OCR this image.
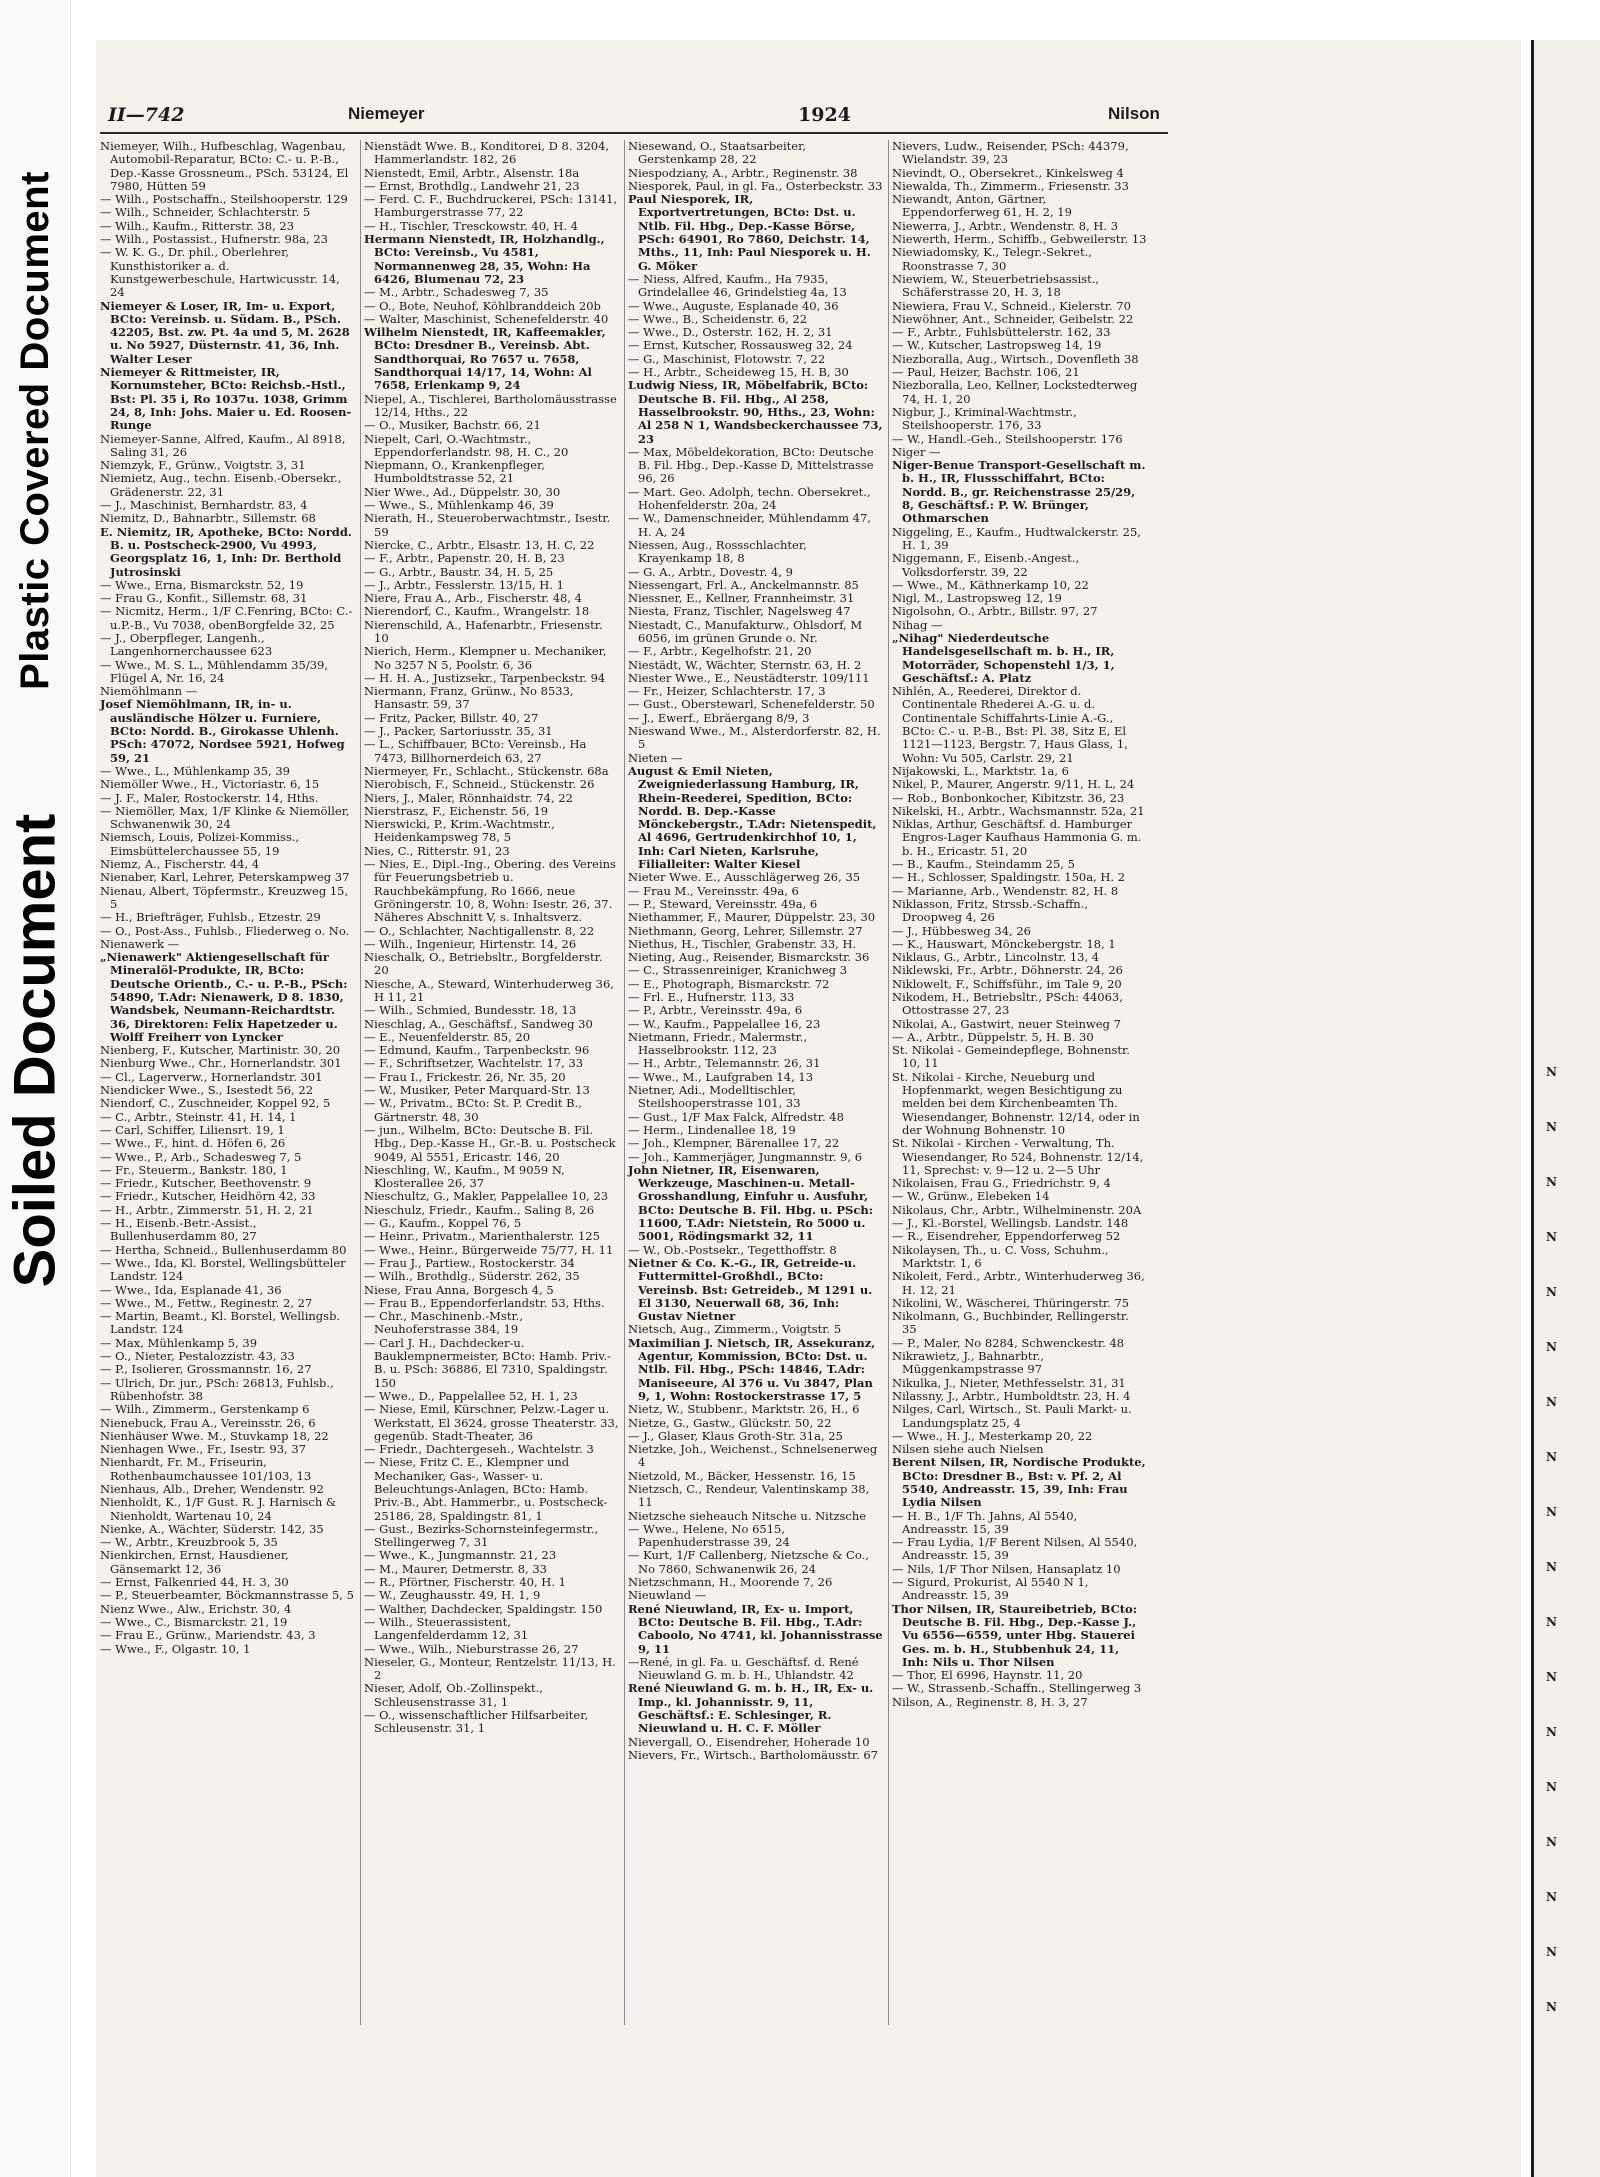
Plastic Covered Document
Soiled Document	N
N
N
N
N
N
N
N
N
N
N
N
N
N
N
N
N
N
II—742	Niemeyer	1924	Nilson
Niemeyer, Wilh., Hufbeschlag, Wagenbau, Automobil-Reparatur, BCto: C.- u. P.-B., Dep.-Kasse Grossneum., PSch. 53124, El 7980, Hütten 59
— Wilh., Postschaffn., Steilshooperstr. 129
— Wilh., Schneider, Schlachterstr. 5
— Wilh., Kaufm., Ritterstr. 38, 23
— Wilh., Postassist., Hufnerstr. 98a, 23
— W. K. G., Dr. phil., Oberlehrer, Kunsthistoriker a. d. Kunstgewerbeschule, Hartwicusstr. 14, 24
Niemeyer & Loser, IR, Im- u. Export, BCto: Vereinsb. u. Südam. B., PSch. 42205, Bst. zw. Pt. 4a und 5, M. 2628 u. No 5927, Düsternstr. 41, 36, Inh. Walter Leser
Niemeyer & Rittmeister, IR, Kornumsteher, BCto: Reichsb.-Hstl., Bst: Pl. 35 i, Ro 1037u. 1038, Grimm 24, 8, Inh: Johs. Maier u. Ed. Roosen-Runge
Niemeyer-Sanne, Alfred, Kaufm., Al 8918, Saling 31, 26
Niemzyk, F., Grünw., Voigtstr. 3, 31
Niemietz, Aug., techn. Eisenb.-Obersekr., Grädenerstr. 22, 31
— J., Maschinist, Bernhardstr. 83, 4
Niemitz, D., Bahnarbtr., Sillemstr. 68
E. Niemitz, IR, Apotheke, BCto: Nordd. B. u. Postscheck-2900, Vu 4993, Georgsplatz 16, 1, Inh: Dr. Berthold Jutrosinski
— Wwe., Erna, Bismarckstr. 52, 19
— Frau G., Konfit., Sillemstr. 68, 31
— Nicmitz, Herm., 1/F C.Fenring, BCto: C.-u.P.-B., Vu 7038, obenBorgfelde 32, 25
— J., Oberpfleger, Langenh., Langenhornerchaussee 623
— Wwe., M. S. L., Mühlendamm 35/39, Flügel A, Nr. 16, 24
Niemöhlmann —
Josef Niemöhlmann, IR, in- u. ausländische Hölzer u. Furniere, BCto: Nordd. B., Girokasse Uhlenh. PSch: 47072, Nordsee 5921, Hofweg 59, 21
— Wwe., L., Mühlenkamp 35, 39
Niemöller Wwe., H., Victoriastr. 6, 15
— J. F., Maler, Rostockerstr. 14, Hths.
— Niemöller, Max, 1/F Klinke & Niemöller, Schwanenwik 30, 24
Niemsch, Louis, Polizei-Kommiss., Eimsbüttelerchaussee 55, 19
Niemz, A., Fischerstr. 44, 4
Nienaber, Karl, Lehrer, Peterskampweg 37
Nienau, Albert, Töpfermstr., Kreuzweg 15, 5
— H., Briefträger, Fuhlsb., Etzestr. 29
— O., Post-Ass., Fuhlsb., Fliederweg o. No.
Nienawerk —
„Nienawerk" Aktiengesellschaft für Mineralöl-Produkte, IR, BCto: Deutsche Orientb., C.- u. P.-B., PSch: 54890, T.Adr: Nienawerk, D 8. 1830, Wandsbek, Neumann-Reichardtstr. 36, Direktoren: Felix Hapetzeder u. Wolff Freiherr von Lyncker
Nienberg, F., Kutscher, Martinistr. 30, 20
Nienburg Wwe., Chr., Hornerlandstr. 301
— Cl., Lagerverw., Hornerlandstr. 301
Niendicker Wwe., S., Isestedt 56, 22
Niendorf, C., Zuschneider, Koppel 92, 5
— C., Arbtr., Steinstr. 41, H. 14, 1
— Carl, Schiffer, Liliensrt. 19, 1
— Wwe., F., hint. d. Höfen 6, 26
— Wwe., P., Arb., Schadesweg 7, 5
— Fr., Steuerm., Bankstr. 180, 1
— Friedr., Kutscher, Beethovenstr. 9
— Friedr., Kutscher, Heidhörn 42, 33
— H., Arbtr., Zimmerstr. 51, H. 2, 21
— H., Eisenb.-Betr.-Assist., Bullenhuserdamm 80, 27
— Hertha, Schneid., Bullenhuserdamm 80
— Wwe., Ida, Kl. Borstel, Wellingsbütteler Landstr. 124
— Wwe., Ida, Esplanade 41, 36
— Wwe., M., Fettw., Reginestr. 2, 27
— Martin, Beamt., Kl. Borstel, Wellingsb. Landstr. 124
— Max, Mühlenkamp 5, 39
— O., Nieter, Pestalozzistr. 43, 33
— P., Isolierer, Grossmannstr. 16, 27
— Ulrich, Dr. jur., PSch: 26813, Fuhlsb., Rübenhofstr. 38
— Wilh., Zimmerm., Gerstenkamp 6
Nienebuck, Frau A., Vereinsstr. 26, 6
Nienhäuser Wwe. M., Stuvkamp 18, 22
Nienhagen Wwe., Fr., Isestr. 93, 37
Nienhardt, Fr. M., Friseurin, Rothenbaumchaussee 101/103, 13
Nienhaus, Alb., Dreher, Wendenstr. 92
Nienholdt, K., 1/F Gust. R. J. Harnisch & Nienholdt, Wartenau 10, 24
Nienke, A., Wächter, Süderstr. 142, 35
— W., Arbtr., Kreuzbrook 5, 35
Nienkirchen, Ernst, Hausdiener, Gänsemarkt 12, 36
— Ernst, Falkenried 44, H. 3, 30
— P., Steuerbeamter, Böckmannstrasse 5, 5
Nienz Wwe., Alw., Erichstr. 30, 4
— Wwe., C., Bismarckstr. 21, 19
— Frau E., Grünw., Mariendstr. 43, 3
— Wwe., F., Olgastr. 10, 1
Nienstädt Wwe. B., Konditorei, D 8. 3204, Hammerlandstr. 182, 26
Nienstedt, Emil, Arbtr., Alsenstr. 18a
— Ernst, Brothdlg., Landwehr 21, 23
— Ferd. C. F., Buchdruckerei, PSch: 13141, Hamburgerstrasse 77, 22
— H., Tischler, Tresckowstr. 40, H. 4
Hermann Nienstedt, IR, Holzhandlg., BCto: Vereinsb., Vu 4581, Normannenweg 28, 35, Wohn: Ha 6426, Blumenau 72, 23
— M., Arbtr., Schadesweg 7, 35
— O., Bote, Neuhof, Köhlbranddeich 20b
— Walter, Maschinist, Schenefelderstr. 40
Wilhelm Nienstedt, IR, Kaffeemakler, BCto: Dresdner B., Vereinsb. Abt. Sandthorquai, Ro 7657 u. 7658, Sandthorquai 14/17, 14, Wohn: Al 7658, Erlenkamp 9, 24
Niepel, A., Tischlerei, Bartholomäusstrasse 12/14, Hths., 22
— O., Musiker, Bachstr. 66, 21
Niepelt, Carl, O.-Wachtmstr., Eppendorferlandstr. 98, H. C., 20
Niepmann, O., Krankenpfleger, Humboldtstrasse 52, 21
Nier Wwe., Ad., Düppelstr. 30, 30
— Wwe., S., Mühlenkamp 46, 39
Nierath, H., Steueroberwachtmstr., Isestr. 59
Niercke, C., Arbtr., Elsastr. 13, H. C, 22
— F., Arbtr., Papenstr. 20, H. B, 23
— G., Arbtr., Baustr. 34, H. 5, 25
— J., Arbtr., Fesslerstr. 13/15, H. 1
Niere, Frau A., Arb., Fischerstr. 48, 4
Nierendorf, C., Kaufm., Wrangelstr. 18
Nierenschild, A., Hafenarbtr., Friesenstr. 10
Nierich, Herm., Klempner u. Mechaniker, No 3257 N 5, Poolstr. 6, 36
— H. H. A., Justizsekr., Tarpenbeckstr. 94
Niermann, Franz, Grünw., No 8533, Hansastr. 59, 37
— Fritz, Packer, Billstr. 40, 27
— J., Packer, Sartoriusstr. 35, 31
— L., Schiffbauer, BCto: Vereinsb., Ha 7473, Billhornerdeich 63, 27
Niermeyer, Fr., Schlacht., Stückenstr. 68a
Nierobisch, F., Schneid., Stückenstr. 26
Niers, J., Maler, Rönnhaidstr. 74, 22
Nierstrasz, F., Eichenstr. 56, 19
Nierswicki, P., Krim.-Wachtmstr., Heidenkampsweg 78, 5
Nies, C., Ritterstr. 91, 23
— Nies, E., Dipl.-Ing., Obering. des Vereins für Feuerungsbetrieb u. Rauchbekämpfung, Ro 1666, neue Gröningerstr. 10, 8, Wohn: Isestr. 26, 37. Näheres Abschnitt V, s. Inhaltsverz.
— O., Schlachter, Nachtigallenstr. 8, 22
— Wilh., Ingenieur, Hirtenstr. 14, 26
Nieschalk, O., Betriebsltr., Borgfelderstr. 20
Niesche, A., Steward, Winterhuderweg 36, H 11, 21
— Wilh., Schmied, Bundesstr. 18, 13
Nieschlag, A., Geschäftsf., Sandweg 30
— E., Neuenfelderstr. 85, 20
— Edmund, Kaufm., Tarpenbeckstr. 96
— F., Schriftsetzer, Wachtelstr. 17, 33
— Frau I., Frickestr. 26, Nr. 35, 20
— W., Musiker, Peter Marquard-Str. 13
— W., Privatm., BCto: St. P. Credit B., Gärtnerstr. 48, 30
— jun., Wilhelm, BCto: Deutsche B. Fil. Hbg., Dep.-Kasse H., Gr.-B. u. Postscheck 9049, Al 5551, Ericastr. 146, 20
Nieschling, W., Kaufm., M 9059 N, Klosterallee 26, 37
Nieschultz, G., Makler, Pappelallee 10, 23
Nieschulz, Friedr., Kaufm., Saling 8, 26
— G., Kaufm., Koppel 76, 5
— Heinr., Privatm., Marienthalerstr. 125
— Wwe., Heinr., Bürgerweide 75/77, H. 11
— Frau J., Partiew., Rostockerstr. 34
— Wilh., Brothdlg., Süderstr. 262, 35
Niese, Frau Anna, Borgesch 4, 5
— Frau B., Eppendorferlandstr. 53, Hths.
— Chr., Maschinenb.-Mstr., Neuhoferstrasse 384, 19
— Carl J. H., Dachdecker-u. Bauklempnermeister, BCto: Hamb. Priv.-B. u. PSch: 36886, El 7310, Spaldingstr. 150
— Wwe., D., Pappelallee 52, H. 1, 23
— Niese, Emil, Kürschner, Pelzw.-Lager u. Werkstatt, El 3624, grosse Theaterstr. 33, gegenüb. Stadt-Theater, 36
— Friedr., Dachtergeseh., Wachtelstr. 3
— Niese, Fritz C. E., Klempner und Mechaniker, Gas-, Wasser- u. Beleuchtungs-Anlagen, BCto: Hamb. Priv.-B., Abt. Hammerbr., u. Postscheck- 25186, 28, Spaldingstr. 81, 1
— Gust., Bezirks-Schornsteinfegermstr., Stellingerweg 7, 31
— Wwe., K., Jungmannstr. 21, 23
— M., Maurer, Detmerstr. 8, 33
— R., Pförtner, Fischerstr. 40, H. 1
— W., Zeughausstr. 49, H. 1, 9
— Walther, Dachdecker, Spaldingstr. 150
— Wilh., Steuerassistent, Langenfelderdamm 12, 31
— Wwe., Wilh., Nieburstrasse 26, 27
Nieseler, G., Monteur, Rentzelstr. 11/13, H. 2
Nieser, Adolf, Ob.-Zollinspekt., Schleusenstrasse 31, 1
— O., wissenschaftlicher Hilfsarbeiter, Schleusenstr. 31, 1
Niesewand, O., Staatsarbeiter, Gerstenkamp 28, 22
Niespodziany, A., Arbtr., Reginenstr. 38
Niesporek, Paul, in gl. Fa., Osterbeckstr. 33
Paul Niesporek, IR, Exportvertretungen, BCto: Dst. u. Ntlb. Fil. Hbg., Dep.-Kasse Börse, PSch: 64901, Ro 7860, Deichstr. 14, Mths., 11, Inh: Paul Niesporek u. H. G. Möker
— Niess, Alfred, Kaufm., Ha 7935, Grindelallee 46, Grindelstieg 4a, 13
— Wwe., Auguste, Esplanade 40, 36
— Wwe., B., Scheidenstr. 6, 22
— Wwe., D., Osterstr. 162, H. 2, 31
— Ernst, Kutscher, Rossausweg 32, 24
— G., Maschinist, Flotowstr. 7, 22
— H., Arbtr., Scheideweg 15, H. B, 30
Ludwig Niess, IR, Möbelfabrik, BCto: Deutsche B. Fil. Hbg., Al 258, Hasselbrookstr. 90, Hths., 23, Wohn: Al 258 N 1, Wandsbeckerchaussee 73, 23
— Max, Möbeldekoration, BCto: Deutsche B. Fil. Hbg., Dep.-Kasse D, Mittelstrasse 96, 26
— Mart. Geo. Adolph, techn. Obersekret., Hohenfelderstr. 20a, 24
— W., Damenschneider, Mühlendamm 47, H. A, 24
Niessen, Aug., Rossschlachter, Krayenkamp 18, 8
— G. A., Arbtr., Dovestr. 4, 9
Niessengart, Frl. A., Anckelmannstr. 85
Niessner, E., Kellner, Frannheimstr. 31
Niesta, Franz, Tischler, Nagelsweg 47
Niestadt, C., Manufakturw., Ohlsdorf, M 6056, im grünen Grunde o. Nr.
— F., Arbtr., Kegelhofstr. 21, 20
Niestädt, W., Wächter, Sternstr. 63, H. 2
Niester Wwe., E., Neustädterstr. 109/111
— Fr., Heizer, Schlachterstr. 17, 3
— Gust., Oberstewarl, Schenefelderstr. 50
— J., Ewerf., Ebräergang 8/9, 3
Nieswand Wwe., M., Alsterdorferstr. 82, H. 5
Nieten —
August & Emil Nieten, Zweigniederlassung Hamburg, IR, Rhein-Reederei, Spedition, BCto: Nordd. B. Dep.-Kasse Mönckebergstr., T.Adr: Nietenspedit, Al 4696, Gertrudenkirchhof 10, 1, Inh: Carl Nieten, Karlsruhe, Filialleiter: Walter Kiesel
Nieter Wwe. E., Ausschlägerweg 26, 35
— Frau M., Vereinsstr. 49a, 6
— P., Steward, Vereinsstr. 49a, 6
Niethammer, F., Maurer, Düppelstr. 23, 30
Niethmann, Georg, Lehrer, Sillemstr. 27
Niethus, H., Tischler, Grabenstr. 33, H.
Nieting, Aug., Reisender, Bismarckstr. 36
— C., Strassenreiniger, Kranichweg 3
— E., Photograph, Bismarckstr. 72
— Frl. E., Hufnerstr. 113, 33
— P., Arbtr., Vereinsstr. 49a, 6
— W., Kaufm., Pappelallee 16, 23
Nietmann, Friedr., Malermstr., Hasselbrookstr. 112, 23
— H., Arbtr., Telemannstr. 26, 31
— Wwe., M., Laufgraben 14, 13
Nietner, Adi., Modelltischler, Steilshooperstrasse 101, 33
— Gust., 1/F Max Falck, Alfredstr. 48
— Herm., Lindenallee 18, 19
— Joh., Klempner, Bärenallee 17, 22
— Joh., Kammerjäger, Jungmannstr. 9, 6
John Nietner, IR, Eisenwaren, Werkzeuge, Maschinen-u. Metall-Grosshandlung, Einfuhr u. Ausfuhr, BCto: Deutsche B. Fil. Hbg. u. PSch: 11600, T.Adr: Nietstein, Ro 5000 u. 5001, Rödingsmarkt 32, 11
— W., Ob.-Postsekr., Tegetthoffstr. 8
Nietner & Co. K.-G., IR, Getreide-u. Futtermittel-Großhdl., BCto: Vereinsb. Bst: Getreideb., M 1291 u. El 3130, Neuerwall 68, 36, Inh: Gustav Nietner
Nietsch, Aug., Zimmerm., Voigtstr. 5
Maximilian J. Nietsch, IR, Assekuranz, Agentur, Kommission, BCto: Dst. u. Ntlb. Fil. Hbg., PSch: 14846, T.Adr: Maniseeure, Al 376 u. Vu 3847, Plan 9, 1, Wohn: Rostockerstrasse 17, 5
Nietz, W., Stubbenr., Marktstr. 26, H., 6
Nietze, G., Gastw., Glückstr. 50, 22
— J., Glaser, Klaus Groth-Str. 31a, 25
Nietzke, Joh., Weichenst., Schnelsenerweg 4
Nietzold, M., Bäcker, Hessenstr. 16, 15
Nietzsch, C., Rendeur, Valentinskamp 38, 11
Nietzsche sieheauch Nitsche u. Nitzsche
— Wwe., Helene, No 6515, Papenhuderstrasse 39, 24
— Kurt, 1/F Callenberg, Nietzsche & Co., No 7860, Schwanenwik 26, 24
Nietzschmann, H., Moorende 7, 26
Nieuwland —
René Nieuwland, IR, Ex- u. Import, BCto: Deutsche B. Fil. Hbg., T.Adr: Caboolo, No 4741, kl. Johannisstrasse 9, 11
—René, in gl. Fa. u. Geschäftsf. d. René Nieuwland G. m. b. H., Uhlandstr. 42
René Nieuwland G. m. b. H., IR, Ex- u. Imp., kl. Johannisstr. 9, 11, Geschäftsf.: E. Schlesinger, R. Nieuwland u. H. C. F. Möller
Nievergall, O., Eisendreher, Hoherade 10
Nievers, Fr., Wirtsch., Bartholomäusstr. 67
Nievers, Ludw., Reisender, PSch: 44379, Wielandstr. 39, 23
Nievindt, O., Obersekret., Kinkelsweg 4
Niewalda, Th., Zimmerm., Friesenstr. 33
Niewandt, Anton, Gärtner, Eppendorferweg 61, H. 2, 19
Niewerra, J., Arbtr., Wendenstr. 8, H. 3
Niewerth, Herm., Schiffb., Gebweilerstr. 13
Niewiadomsky, K., Telegr.-Sekret., Roonstrasse 7, 30
Niewiem, W., Steuerbetriebsassist., Schäferstrasse 20, H. 3, 18
Niewiera, Frau V., Schneid., Kielerstr. 70
Niewöhner, Ant., Schneider, Geibelstr. 22
— F., Arbtr., Fuhlsbüttelerstr. 162, 33
— W., Kutscher, Lastropsweg 14, 19
Niezboralla, Aug., Wirtsch., Dovenfleth 38
— Paul, Heizer, Bachstr. 106, 21
Niezboralla, Leo, Kellner, Lockstedterweg 74, H. 1, 20
Nigbur, J., Kriminal-Wachtmstr., Steilshooperstr. 176, 33
— W., Handl.-Geh., Steilshooperstr. 176
Niger —
Niger-Benue Transport-Gesellschaft m. b. H., IR, Flussschiffahrt, BCto: Nordd. B., gr. Reichenstrasse 25/29, 8, Geschäftsf.: P. W. Brünger, Othmarschen
Niggeling, E., Kaufm., Hudtwalckerstr. 25, H. 1, 39
Niggemann, F., Eisenb.-Angest., Volksdorferstr. 39, 22
— Wwe., M., Käthnerkamp 10, 22
Nigl, M., Lastropsweg 12, 19
Nigolsohn, O., Arbtr., Billstr. 97, 27
Nihag —
„Nihag" Niederdeutsche Handelsgesellschaft m. b. H., IR, Motorräder, Schopenstehl 1/3, 1, Geschäftsf.: A. Platz
Nihlén, A., Reederei, Direktor d. Continentale Rhederei A.-G. u. d. Continentale Schiffahrts-Linie A.-G., BCto: C.- u. P.-B., Bst: Pl. 38, Sitz E, El 1121—1123, Bergstr. 7, Haus Glass, 1, Wohn: Vu 505, Carlstr. 29, 21
Nijakowski, L., Marktstr. 1a, 6
Nikel, P., Maurer, Angerstr. 9/11, H. L, 24
— Rob., Bonbonkocher, Kibitzstr. 36, 23
Nikelski, H., Arbtr., Wachsmannstr. 52a, 21
Niklas, Arthur, Geschäftsf. d. Hamburger Engros-Lager Kaufhaus Hammonia G. m. b. H., Ericastr. 51, 20
— B., Kaufm., Steindamm 25, 5
— H., Schlosser, Spaldingstr. 150a, H. 2
— Marianne, Arb., Wendenstr. 82, H. 8
Niklasson, Fritz, Strssb.-Schaffn., Droopweg 4, 26
— J., Hübbesweg 34, 26
— K., Hauswart, Mönckebergstr. 18, 1
Niklaus, G., Arbtr., Lincolnstr. 13, 4
Niklewski, Fr., Arbtr., Döhnerstr. 24, 26
Niklowelt, F., Schiffsführ., im Tale 9, 20
Nikodem, H., Betriebsltr., PSch: 44063, Ottostrasse 27, 23
Nikolai, A., Gastwirt, neuer Steinweg 7
— A., Arbtr., Düppelstr. 5, H. B. 30
St. Nikolai - Gemeindepflege, Bohnenstr. 10, 11
St. Nikolai - Kirche, Neueburg und Hopfenmarkt, wegen Besichtigung zu melden bei dem Kirchenbeamten Th. Wiesendanger, Bohnenstr. 12/14, oder in der Wohnung Bohnenstr. 10
St. Nikolai - Kirchen - Verwaltung, Th. Wiesendanger, Ro 524, Bohnenstr. 12/14, 11, Sprechst: v. 9—12 u. 2—5 Uhr
Nikolaisen, Frau G., Friedrichstr. 9, 4
— W., Grünw., Elebeken 14
Nikolaus, Chr., Arbtr., Wilhelminenstr. 20A
— J., Kl.-Borstel, Wellingsb. Landstr. 148
— R., Eisendreher, Eppendorferweg 52
Nikolaysen, Th., u. C. Voss, Schuhm., Marktstr. 1, 6
Nikoleit, Ferd., Arbtr., Winterhuderweg 36, H. 12, 21
Nikolini, W., Wäscherei, Thüringerstr. 75
Nikolmann, G., Buchbinder, Rellingerstr. 35
— P., Maler, No 8284, Schwenckestr. 48
Nikrawietz, J., Bahnarbtr., Müggenkampstrasse 97
Nikulka, J., Nieter, Methfesselstr. 31, 31
Nilassny, J., Arbtr., Humboldtstr. 23, H. 4
Nilges, Carl, Wirtsch., St. Pauli Markt- u. Landungsplatz 25, 4
— Wwe., H. J., Mesterkamp 20, 22
Nilsen siehe auch Nielsen
Berent Nilsen, IR, Nordische Produkte, BCto: Dresdner B., Bst: v. Pf. 2, Al 5540, Andreasstr. 15, 39, Inh: Frau Lydia Nilsen
— H. B., 1/F Th. Jahns, Al 5540, Andreasstr. 15, 39
— Frau Lydia, 1/F Berent Nilsen, Al 5540, Andreasstr. 15, 39
— Nils, 1/F Thor Nilsen, Hansaplatz 10
— Sigurd, Prokurist, Al 5540 N 1, Andreasstr. 15, 39
Thor Nilsen, IR, Staureibetrieb, BCto: Deutsche B. Fil. Hbg., Dep.-Kasse J., Vu 6556—6559, unter Hbg. Stauerei Ges. m. b. H., Stubbenhuk 24, 11, Inh: Nils u. Thor Nilsen
— Thor, El 6996, Haynstr. 11, 20
— W., Strassenb.-Schaffn., Stellingerweg 3
Nilson, A., Reginenstr. 8, H. 3, 27
